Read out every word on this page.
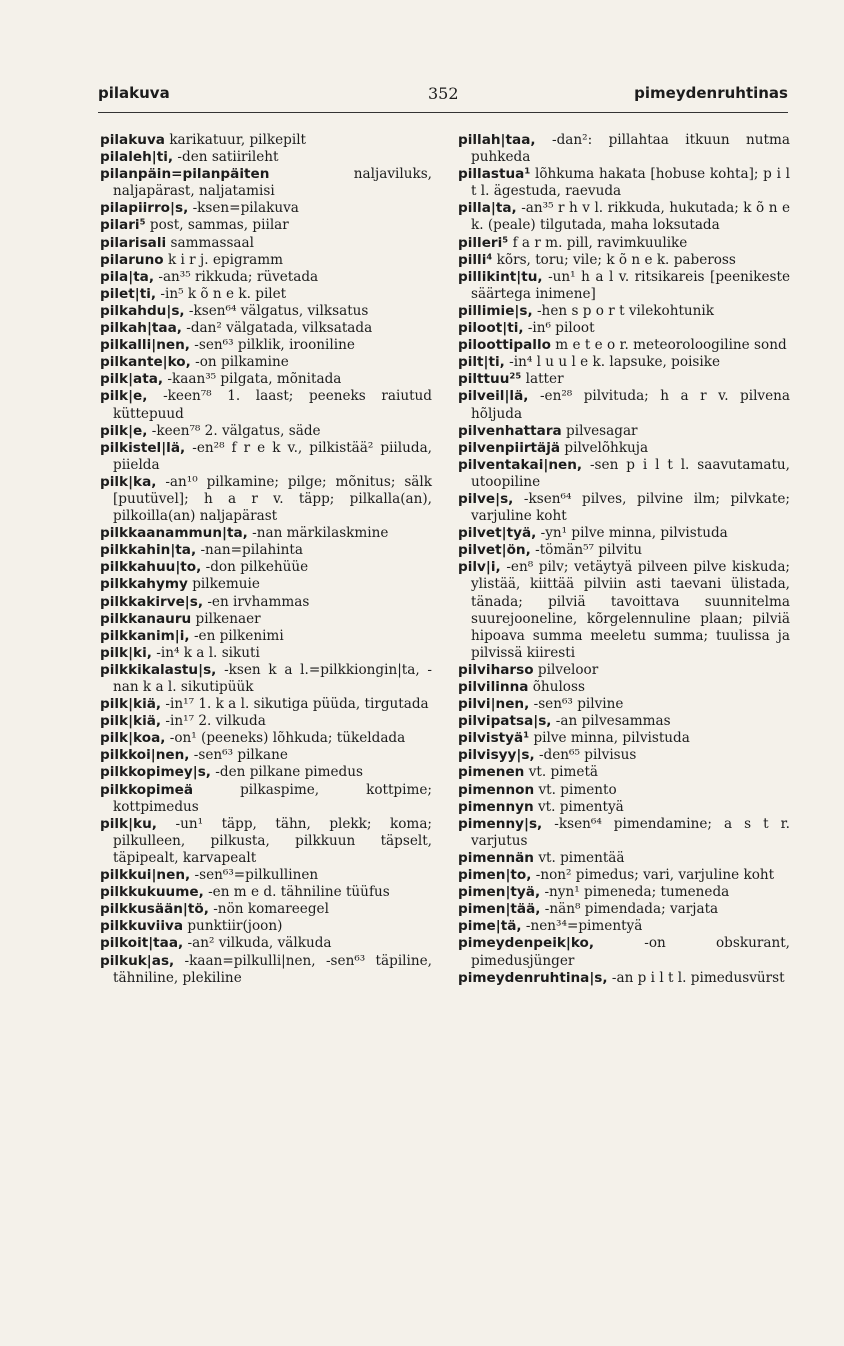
pilakuva	352	pimeydenruhtinas

pilakuva karikatuur, pilkepilt

pilaleh|ti, -den satiirileht

pilanpäin=pilanpäiten	naljaviluks, naljapärast, naljatamisi

pilapiirro|s, -ksen=pilakuva

pilari⁵ post, sammas, piilar

pilarisali sammassaal

pilaruno k i r j. epigramm

pila|ta, -an³⁵ rikkuda; rüvetada

pilet|ti, -in⁵ k õ n e k. pilet

pilkahdu|s, -ksen⁶⁴ välgatus, vilksatus

pilkah|taa, -dan² välgatada, vilksatada

pilkalli|nen, -sen⁶³ pilklik, irooniline

pilkante|ko, -on pilkamine

pilk|ata, -kaan³⁵ pilgata, mõnitada

pilk|e, -keen⁷⁸ 1. laast; peeneks raiutud küttepuud

pilk|e, -keen⁷⁸ 2. välgatus, säde

pilkistel|lä, -en²⁸ f r e k v., pilkistää² piiluda, piielda

pilk|ka, -an¹⁰ pilkamine; pilge; mõnitus; sälk [puutüvel]; h a r v. täpp; pilkalla(an), pilkoilla(an) naljapärast

pilkkaanammun|ta, -nan märkilaskmine

pilkkahin|ta, -nan=pilahinta

pilkkahuu|to, -don pilkehüüe

pilkkahymy pilkemuie

pilkkakirve|s, -en irvhammas

pilkkanauru pilkenaer

pilkkanim|i, -en pilkenimi

pilk|ki, -in⁴ k a l. sikuti

pilkkikalastu|s, -ksen k a l.=pilkkiongin|ta, -nan k a l. sikutipüük

pilk|kiä, -in¹⁷ 1. k a l. sikutiga püüda, tirgutada

pilk|kiä, -in¹⁷ 2. vilkuda

pilk|koa, -on¹ (peeneks) lõhkuda; tükeldada

pilkkoi|nen, -sen⁶³ pilkane

pilkkopimey|s, -den pilkane pimedus

pilkkopimeä	pilkaspime, kottpime; kottpimedus

pilk|ku, -un¹ täpp, tähn, plekk; koma; pilkulleen, pilkusta, pilkkuun täpselt, täpipealt, karvapealt

pilkkui|nen, -sen⁶³=pilkullinen

pilkkukuume, -en m e d. tähniline tüüfus

pilkkusään|tö, -nön komareegel

pilkkuviiva punktiir(joon)

pilkoit|taa, -an² vilkuda, välkuda

pilkuk|as, -kaan=pilkulli|nen, -sen⁶³ täpiline, tähniline, plekiline

pillah|taa, -dan²: pillahtaa itkuun nutma puhkeda

pillastua¹ lõhkuma hakata [hobuse kohta]; p i l t l. ägestuda, raevuda

pilla|ta, -an³⁵ r h v l. rikkuda, hukutada; k õ n e k. (peale) tilgutada, maha loksutada

pilleri⁵ f a r m. pill, ravimkuulike

pilli⁴ kõrs, toru; vile; k õ n e k. pabeross

pillikint|tu, -un¹ h a l v. ritsikareis [peenikeste säärtega inimene]

pillimie|s, -hen s p o r t vilekohtunik

piloot|ti, -in⁶ piloot

piloottipallo m e t e o r. meteoroloogiline sond

pilt|ti, -in⁴ l u u l e k. lapsuke, poisike

pilttuu²⁵ latter

pilveil|lä, -en²⁸ pilvituda; h a r v. pilvena hõljuda

pilvenhattara pilvesagar

pilvenpiirtäjä pilvelõhkuja

pilventakai|nen, -sen p i l t l. saavutamatu, utoopiline

pilve|s, -ksen⁶⁴ pilves, pilvine ilm; pilvkate; varjuline koht

pilvet|tyä, -yn¹ pilve minna, pilvistuda

pilvet|ön, -tömän⁵⁷ pilvitu

pilv|i, -en⁸ pilv; vetäytyä pilveen pilve kiskuda; ylistää, kiittää pilviin asti taevani ülistada, tänada; pilviä tavoittava suunnitelma suurejooneline, kõrgelennuline plaan; pilviä hipoava summa meeletu summa; tuulissa ja pilvissä kiiresti

pilviharso pilveloor

pilvilinna õhuloss

pilvi|nen, -sen⁶³ pilvine

pilvipatsa|s, -an pilvesammas

pilvistyä¹ pilve minna, pilvistuda

pilvisyy|s, -den⁶⁵ pilvisus

pimenen vt. pimetä

pimennon vt. pimento

pimennyn vt. pimentyä

pimenny|s, -ksen⁶⁴ pimendamine; a s t r. varjutus

pimennän vt. pimentää

pimen|to, -non² pimedus; vari, varjuline koht

pimen|tyä, -nyn¹ pimeneda; tumeneda

pimen|tää, -nän⁸ pimendada; varjata

pime|tä, -nen³⁴=pimentyä

pimeydenpeik|ko,	-on obskurant, pimedusjünger

pimeydenruhtina|s, -an p i l t l. pimedusvürst
